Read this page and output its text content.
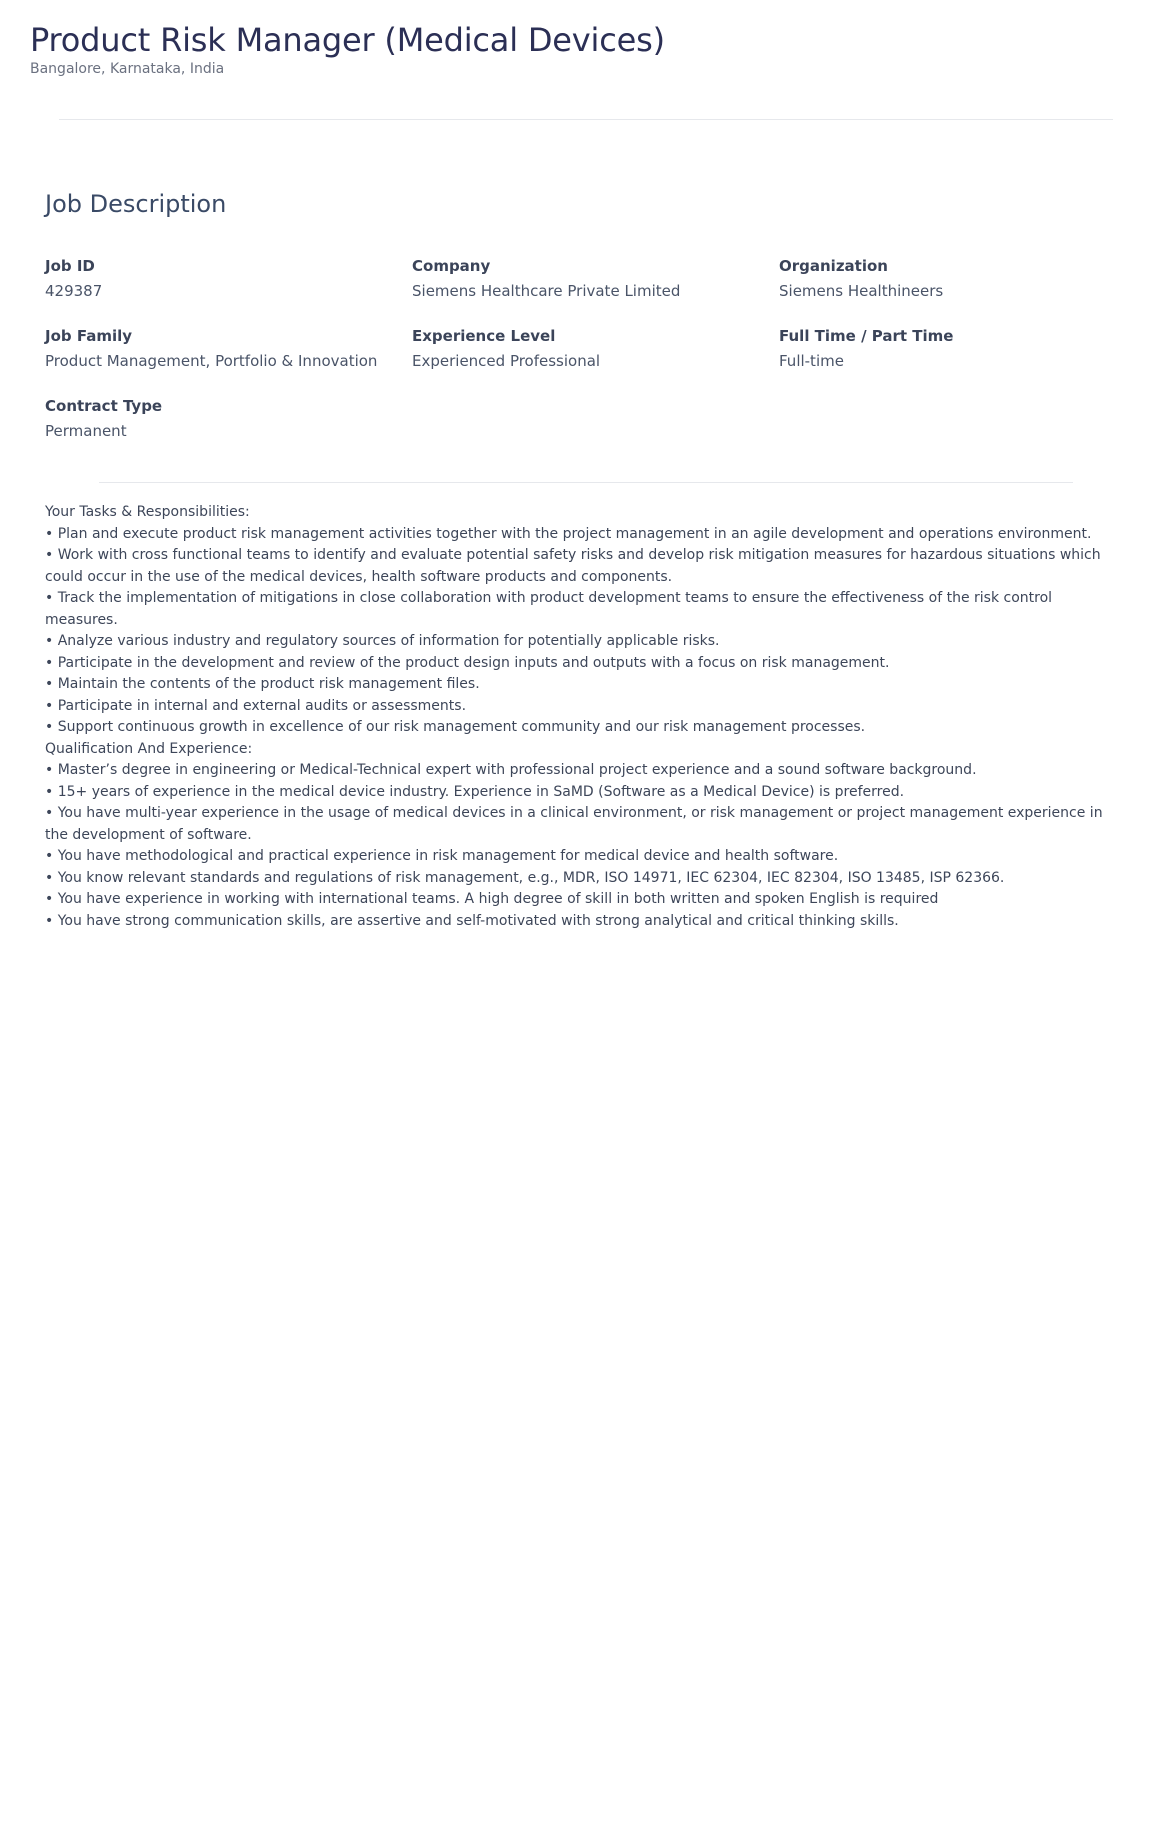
Product Risk Manager (Medical Devices)
Bangalore, Karnataka, India
Job Description
Job ID
429387
Company
Siemens Healthcare Private Limited
Organization
Siemens Healthineers
Job Family
Product Management, Portfolio & Innovation
Experience Level
Experienced Professional
Full Time / Part Time
Full-time
Contract Type
Permanent

Your Tasks & Responsibilities:

• Plan and execute product risk management activities together with the project management in an agile development and operations environment.

• Work with cross functional teams to identify and evaluate potential safety risks and develop risk mitigation measures for hazardous situations which could occur in the use of the medical devices, health software products and components.

• Track the implementation of mitigations in close collaboration with product development teams to ensure the effectiveness of the risk control measures.

• Analyze various industry and regulatory sources of information for potentially applicable risks.

• Participate in the development and review of the product design inputs and outputs with a focus on risk management.

• Maintain the contents of the product risk management files.

• Participate in internal and external audits or assessments.

• Support continuous growth in excellence of our risk management community and our risk management processes.

Qualification And Experience:

• Master’s degree in engineering or Medical-Technical expert with professional project experience and a sound software background.

• 15+ years of experience in the medical device industry. Experience in SaMD (Software as a Medical Device) is preferred.

• You have multi-year experience in the usage of medical devices in a clinical environment, or risk management or project management experience in the development of software.

• You have methodological and practical experience in risk management for medical device and health software.

• You know relevant standards and regulations of risk management, e.g., MDR, ISO 14971, IEC 62304, IEC 82304, ISO 13485, ISP 62366.

• You have experience in working with international teams. A high degree of skill in both written and spoken English is required

• You have strong communication skills, are assertive and self-motivated with strong analytical and critical thinking skills.
